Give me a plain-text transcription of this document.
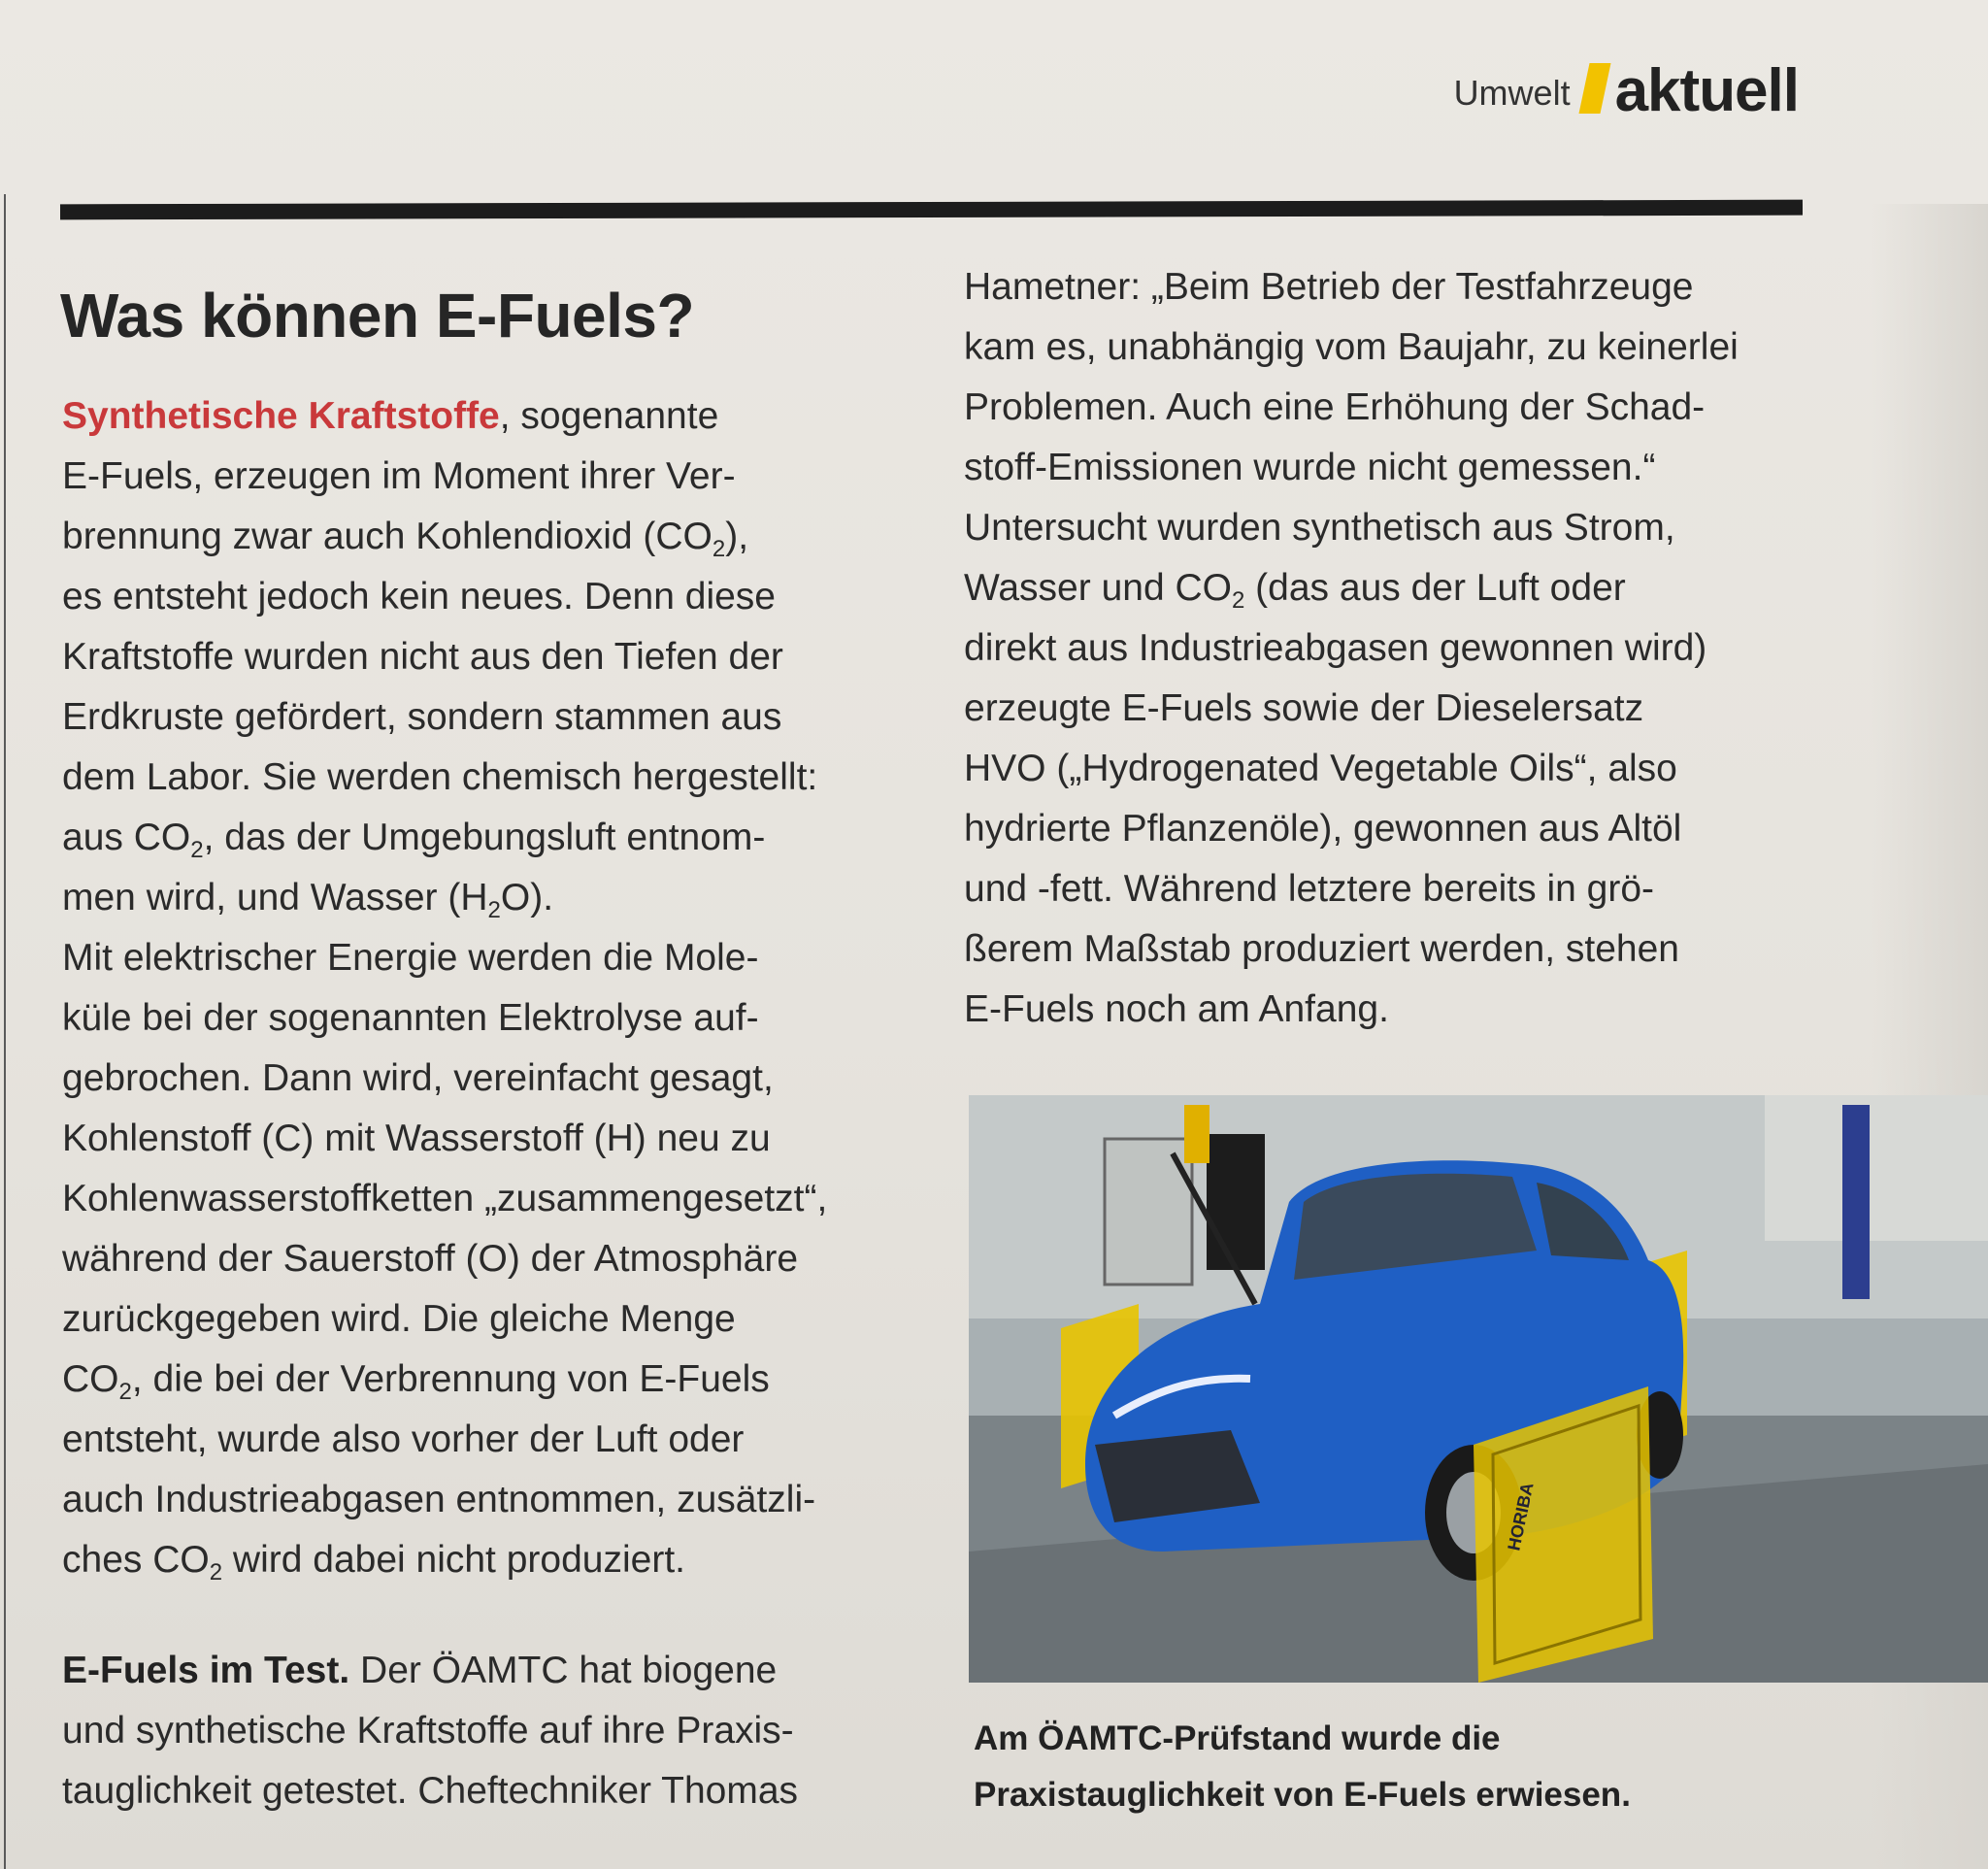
Umwelt aktuell
Was können E-Fuels?
Synthetische Kraftstoffe, sogenannte
E-Fuels, erzeugen im Moment ihrer Ver-
brennung zwar auch Kohlendioxid $(CO_2)$,
es entsteht jedoch kein neues. Denn diese
Kraftstoffe wurden nicht aus den Tiefen der
Erdkruste gefördert, sondern stammen aus
dem Labor. Sie werden chemisch hergestellt:
aus $CO_2$, das der Umgebungsluft entnom-
men wird, und Wasser $(H_2O)$.
Mit elektrischer Energie werden die Mole-
küle bei der sogenannten Elektrolyse auf-
gebrochen. Dann wird, vereinfacht gesagt,
Kohlenstoff (C) mit Wasserstoff (H) neu zu
Kohlenwasserstoffketten „zusammengesetzt“,
während der Sauerstoff (O) der Atmosphäre
zurückgegeben wird. Die gleiche Menge
$CO_2$, die bei der Verbrennung von E-Fuels
entsteht, wurde also vorher der Luft oder
auch Industrieabgasen entnommen, zusätzli-
ches $CO_2$ wird dabei nicht produziert.
E-Fuels im Test. Der ÖAMTC hat biogene
und synthetische Kraftstoffe auf ihre Praxis-
tauglichkeit getestet. Cheftechniker Thomas
Hametner: „Beim Betrieb der Testfahrzeuge
kam es, unabhängig vom Baujahr, zu keinerlei
Problemen. Auch eine Erhöhung der Schad-
stoff-Emissionen wurde nicht gemessen.“
Untersucht wurden synthetisch aus Strom,
Wasser und $CO_2$ (das aus der Luft oder
direkt aus Industrieabgasen gewonnen wird)
erzeugte E-Fuels sowie der Dieselersatz
HVO („Hydrogenated Vegetable Oils“, also
hydrierte Pflanzenöle), gewonnen aus Altöl
und -fett. Während letztere bereits in grö-
ßerem Maßstab produziert werden, stehen
E-Fuels noch am Anfang.
HORIBA
Am ÖAMTC-Prüfstand wurde die
Praxistauglichkeit von E-Fuels erwiesen.
